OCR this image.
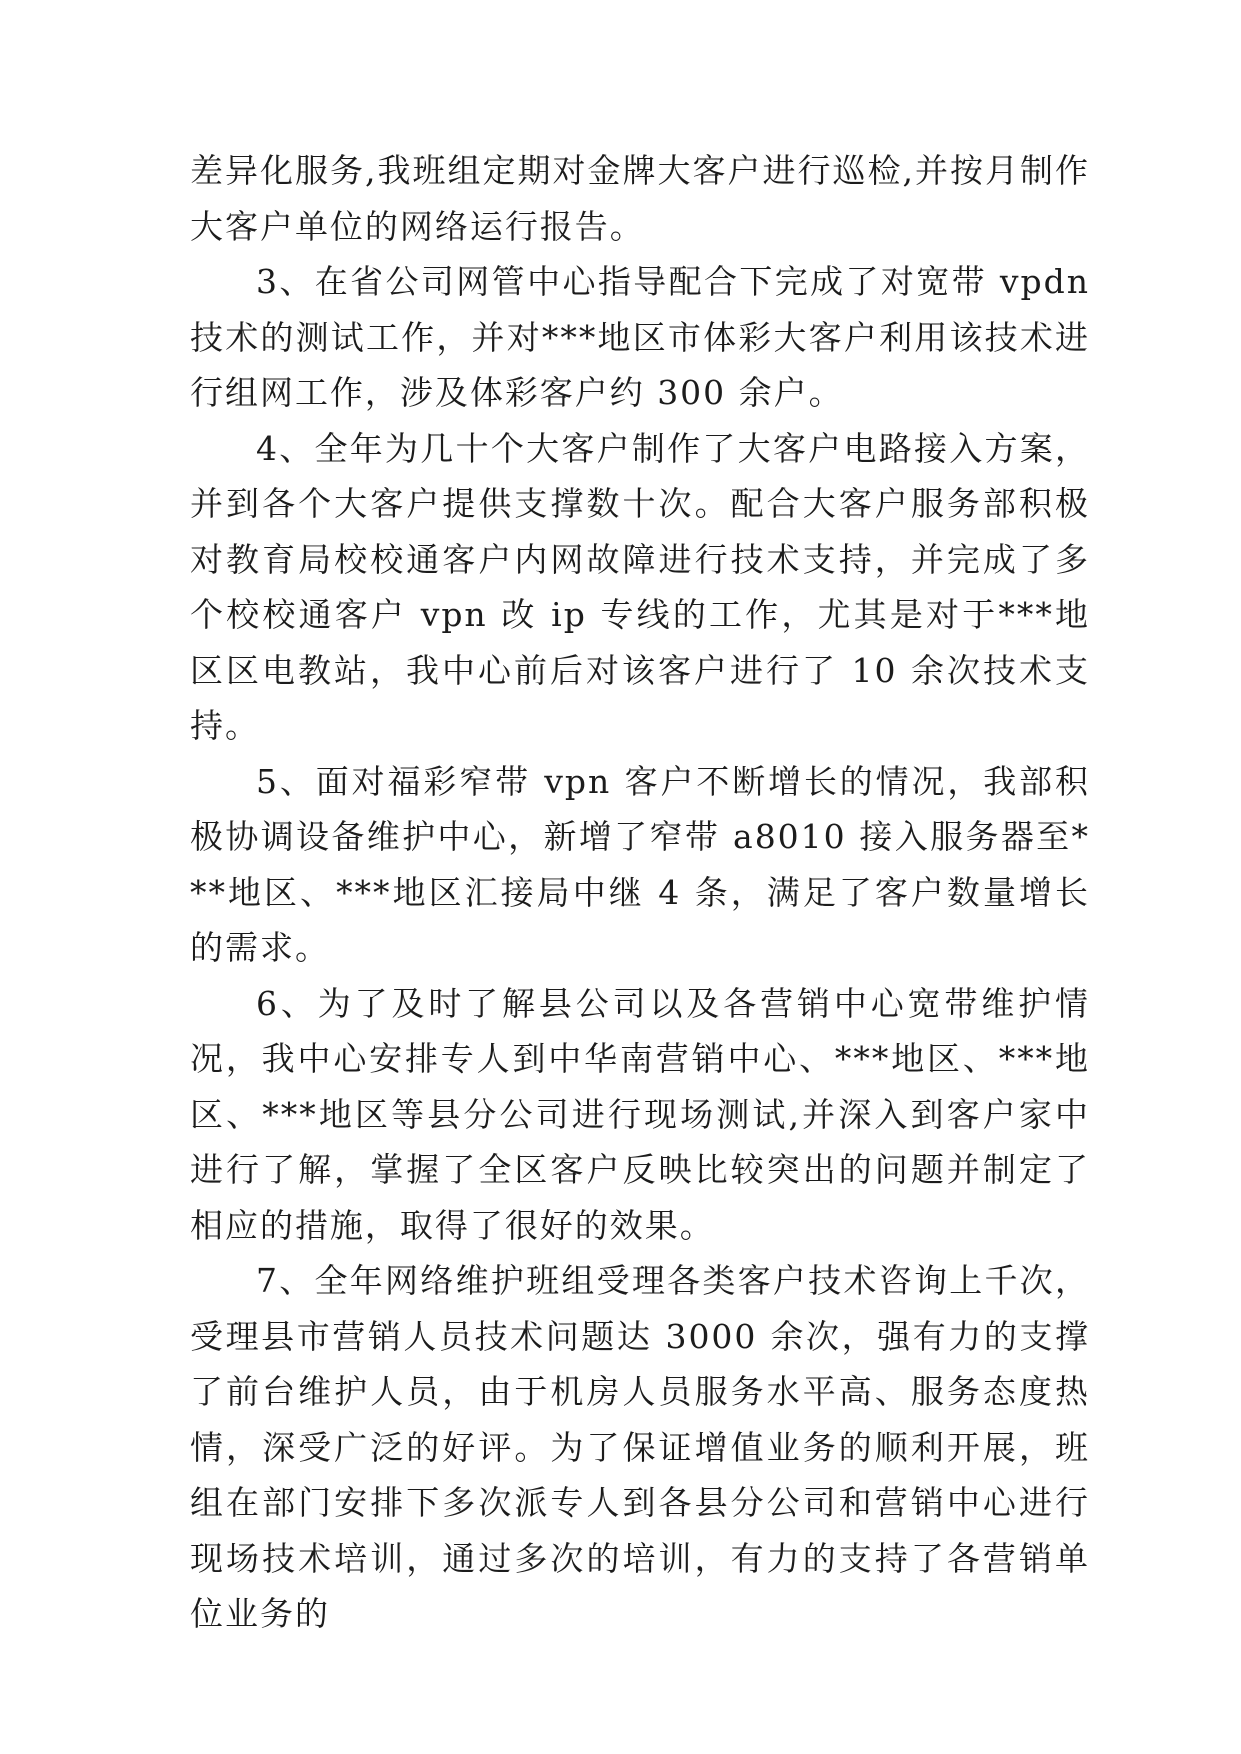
差异化服务,我班组定期对金牌大客户进行巡检,并按月制作大客户单位的网络运行报告。

3、在省公司网管中心指导配合下完成了对宽带 vpdn 技术的测试工作，并对***地区市体彩大客户利用该技术进行组网工作，涉及体彩客户约 300 余户。

4、全年为几十个大客户制作了大客户电路接入方案，并到各个大客户提供支撑数十次。配合大客户服务部积极对教育局校校通客户内网故障进行技术支持，并完成了多个校校通客户 vpn 改 ip 专线的工作，尤其是对于***地区区电教站，我中心前后对该客户进行了 10 余次技术支持。

5、面对福彩窄带 vpn 客户不断增长的情况，我部积极协调设备维护中心，新增了窄带 a8010 接入服务器至***地区、***地区汇接局中继 4 条，满足了客户数量增长的需求。

6、为了及时了解县公司以及各营销中心宽带维护情况，我中心安排专人到中华南营销中心、***地区、***地区、***地区等县分公司进行现场测试,并深入到客户家中进行了解，掌握了全区客户反映比较突出的问题并制定了相应的措施，取得了很好的效果。

7、全年网络维护班组受理各类客户技术咨询上千次，受理县市营销人员技术问题达 3000 余次，强有力的支撑了前台维护人员，由于机房人员服务水平高、服务态度热情，深受广泛的好评。为了保证增值业务的顺利开展，班组在部门安排下多次派专人到各县分公司和营销中心进行现场技术培训，通过多次的培训，有力的支持了各营销单位业务的
